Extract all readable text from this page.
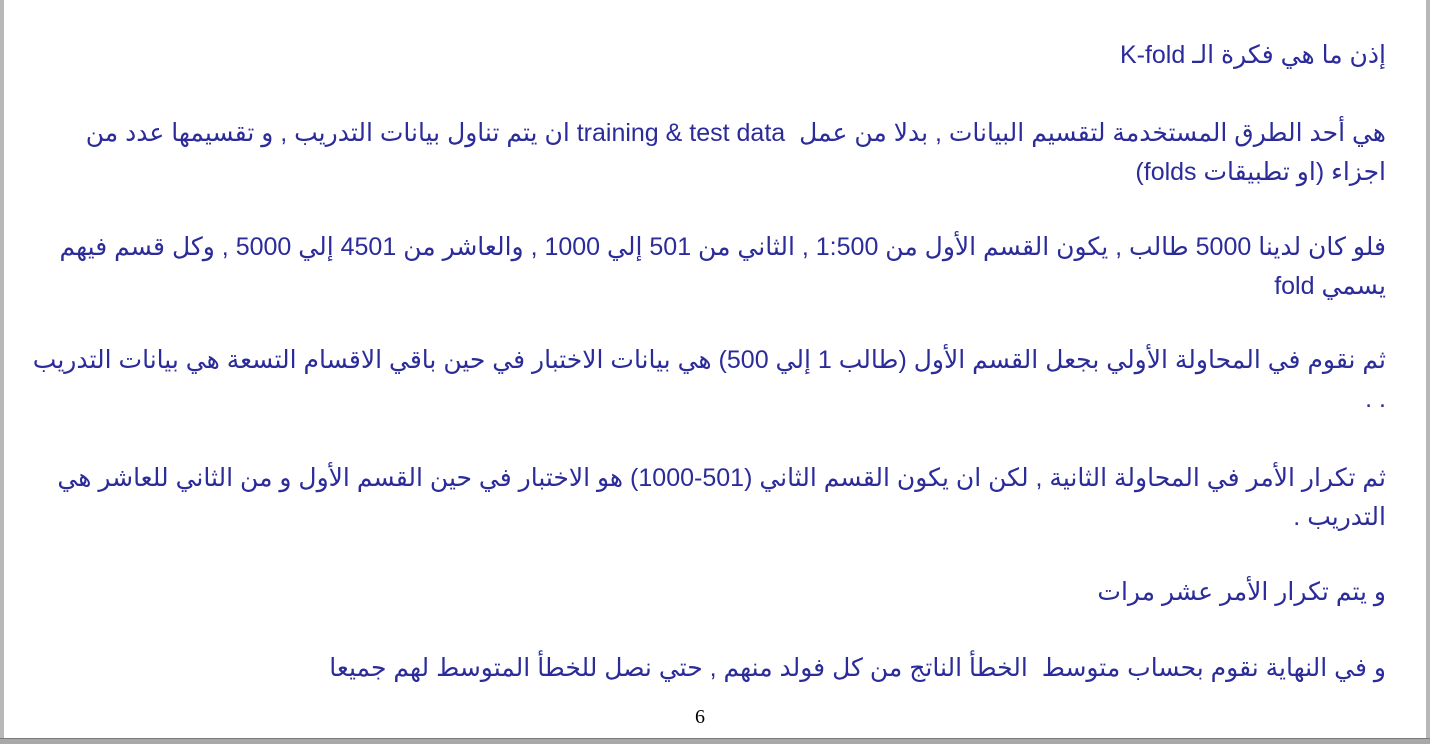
إذن ما هي فكرة الـ K-fold

هي أحد الطرق المستخدمة لتقسيم البيانات , بدلا من عمل  training & test data ان يتم تناول بيانات التدريب , و تقسيمها عدد من اجزاء (او تطبيقات folds)

فلو كان لدينا 5000 طالب , يكون القسم الأول من 1:500 , الثاني من 501 إلي 1000 , والعاشر من 4501 إلي 5000 , وكل قسم فيهم يسمي fold

ثم نقوم في المحاولة الأولي بجعل القسم الأول (طالب 1 إلي 500) هي بيانات الاختبار في حين باقي الاقسام التسعة هي بيانات التدريب . .

ثم تكرار الأمر في المحاولة الثانية , لكن ان يكون القسم الثاني (501-1000) هو الاختبار في حين القسم الأول و من الثاني للعاشر هي التدريب .

و يتم تكرار الأمر عشر مرات

و في النهاية نقوم بحساب متوسط  الخطأ الناتج من كل فولد منهم , حتي نصل للخطأ المتوسط لهم جميعا

6
